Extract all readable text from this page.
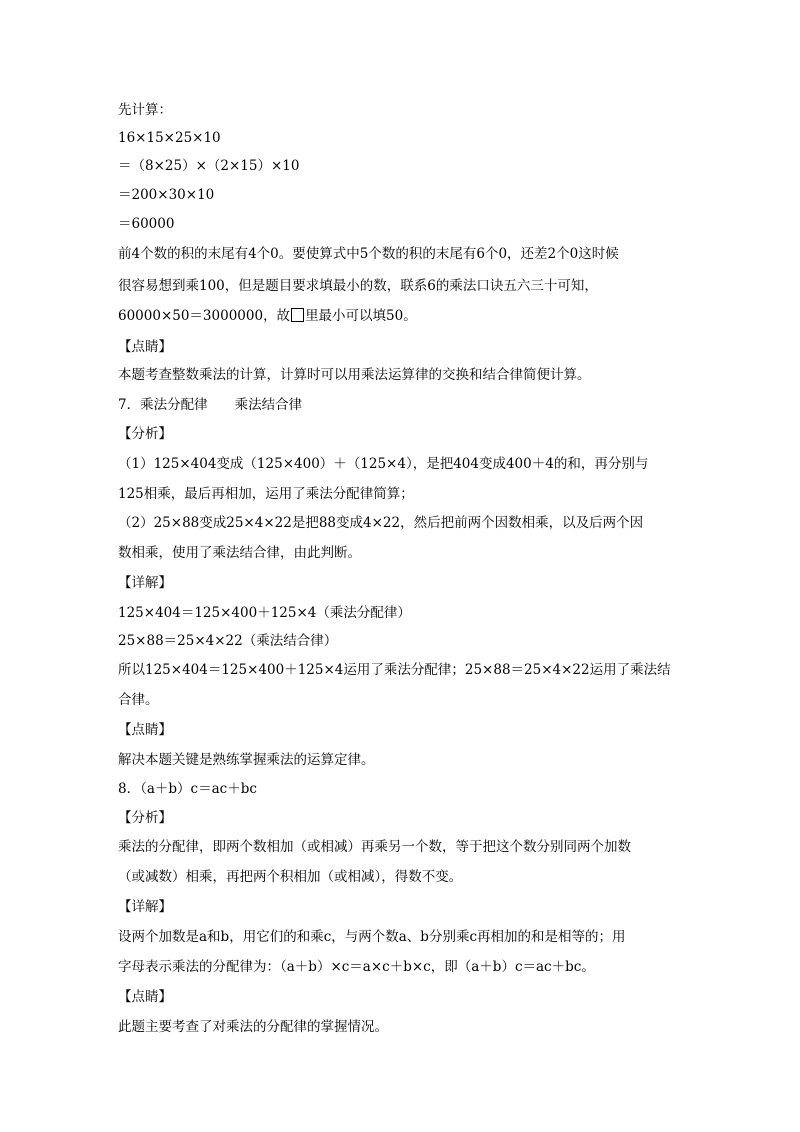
先计算：
16×15×25×10
＝（8×25）×（2×15）×10
＝200×30×10
＝60000
前4个数的积的末尾有4个0。要使算式中5个数的积的末尾有6个0，还差2个0这时候
很容易想到乘100，但是题目要求填最小的数，联系6的乘法口诀五六三十可知，
60000×50＝3000000，故 里最小可以填50。
【点睛】
本题考查整数乘法的计算，计算时可以用乘法运算律的交换和结合律简便计算。
7．乘法分配律　　乘法结合律
【分析】
（1）125×404变成（125×400）＋（125×4），是把404变成400＋4的和，再分别与
125相乘，最后再相加，运用了乘法分配律简算；
（2）25×88变成25×4×22是把88变成4×22，然后把前两个因数相乘，以及后两个因
数相乘，使用了乘法结合律，由此判断。
【详解】
125×404＝125×400＋125×4（乘法分配律）
25×88＝25×4×22（乘法结合律）
所以125×404＝125×400＋125×4运用了乘法分配律；25×88＝25×4×22运用了乘法结
合律。
【点睛】
解决本题关键是熟练掌握乘法的运算定律。
8．（a＋b）c＝ac＋bc
【分析】
乘法的分配律，即两个数相加（或相减）再乘另一个数，等于把这个数分别同两个加数
（或减数）相乘，再把两个积相加（或相减），得数不变。
【详解】
设两个加数是a和b，用它们的和乘c，与两个数a、b分别乘c再相加的和是相等的；用
字母表示乘法的分配律为：（a＋b）×c＝a×c＋b×c，即（a＋b）c＝ac＋bc。
【点睛】
此题主要考查了对乘法的分配律的掌握情况。
